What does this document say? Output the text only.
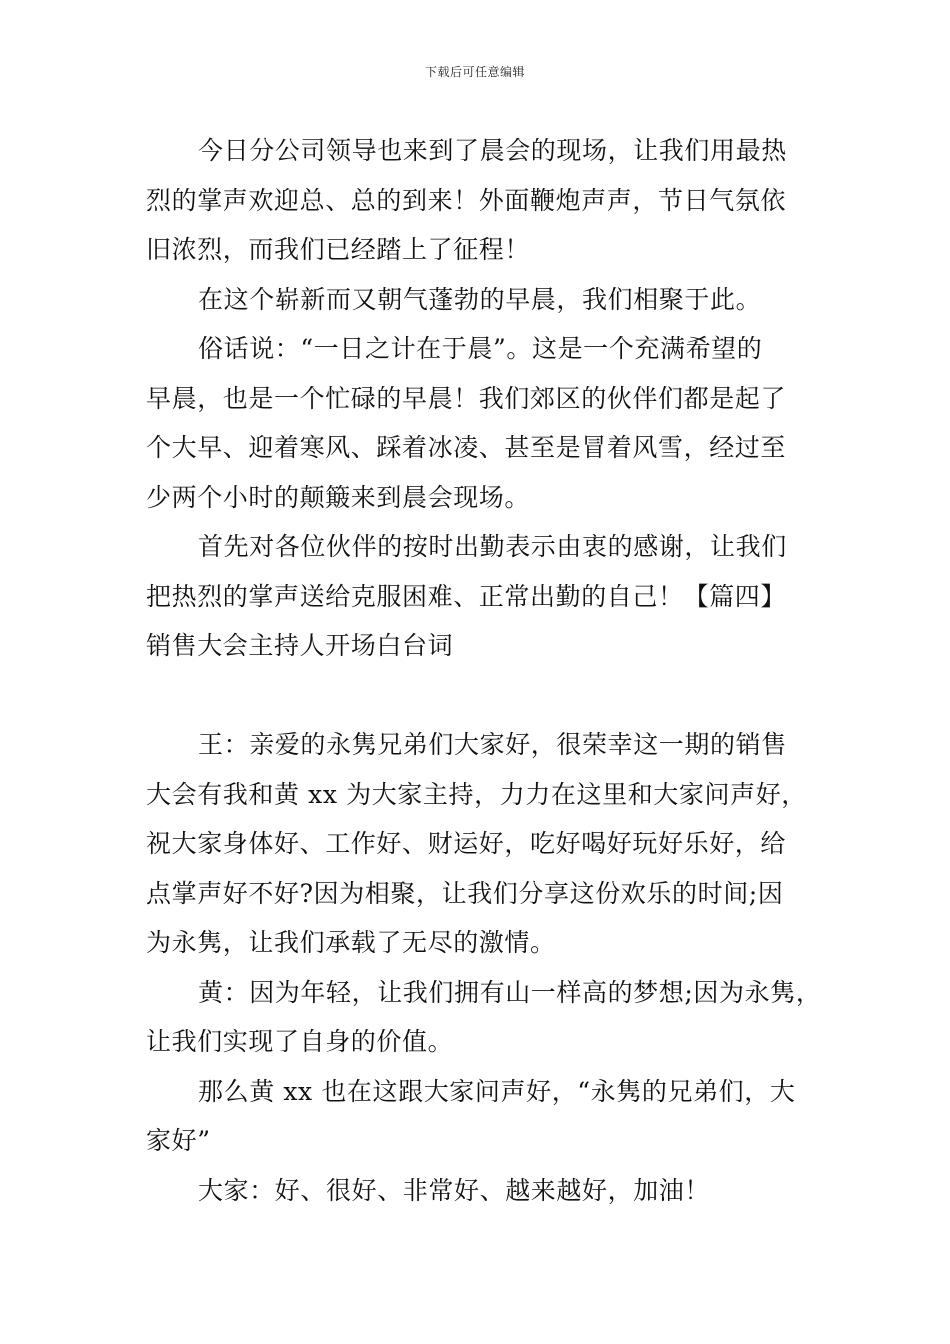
下载后可任意编辑
今日分公司领导也来到了晨会的现场，让我们用最热
烈的掌声欢迎总、总的到来！外面鞭炮声声，节日气氛依
旧浓烈，而我们已经踏上了征程！
在这个崭新而又朝气蓬勃的早晨，我们相聚于此。
俗话说：“一日之计在于晨”。这是一个充满希望的
早晨，也是一个忙碌的早晨！我们郊区的伙伴们都是起了
个大早、迎着寒风、踩着冰凌、甚至是冒着风雪，经过至
少两个小时的颠簸来到晨会现场。
首先对各位伙伴的按时出勤表示由衷的感谢，让我们
把热烈的掌声送给克服困难、正常出勤的自己！【篇四】
销售大会主持人开场白台词
王：亲爱的永隽兄弟们大家好，很荣幸这一期的销售
大会有我和黄 xx 为大家主持，力力在这里和大家问声好，
祝大家身体好、工作好、财运好，吃好喝好玩好乐好，给
点掌声好不好?因为相聚，让我们分享这份欢乐的时间;因
为永隽，让我们承载了无尽的激情。
黄：因为年轻，让我们拥有山一样高的梦想;因为永隽，
让我们实现了自身的价值。
那么黄 xx 也在这跟大家问声好，“永隽的兄弟们，大
家好”
大家：好、很好、非常好、越来越好，加油！
